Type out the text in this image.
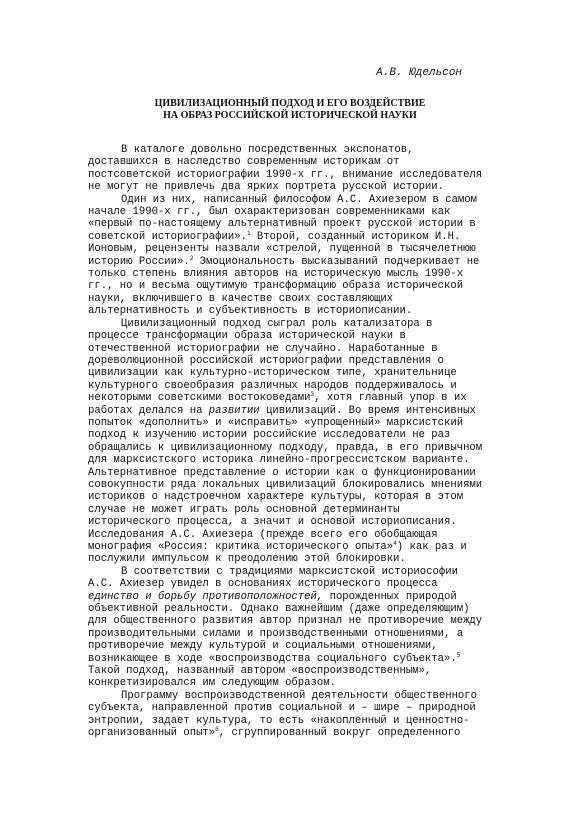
А.В. Юдельсон
ЦИВИЛИЗАЦИОННЫЙ ПОДХОД И ЕГО ВОЗДЕЙСТВИЕ
НА ОБРАЗ РОССИЙСКОЙ ИСТОРИЧЕСКОЙ НАУКИ

В каталоге довольно посредственных экспонатов,
доставшихся в наследство современным историкам от
постсоветской историографии 1990-х гг., внимание исследователя
не могут не привлечь два ярких портрета русской истории.

Один из них, написанный философом А.С. Ахиезером в самом
начале 1990-х гг., был охарактеризован современниками как
«первый по-настоящему альтернативный проект русской истории в
советской историографии».$^1$ Второй, созданный историком И.Н.
Ионовым, рецензенты назвали «стрелой, пущенной в тысячелетнюю
историю России».$^2$ Эмоциональность высказываний подчеркивает не
только степень влияния авторов на историческую мысль 1990-х
гг., но и весьма ощутимую трансформацию образа исторической
науки, включившего в качестве своих составляющих
альтернативность и субъективность в историописании.

Цивилизационный подход сыграл роль катализатора в
процессе трансформации образа исторической науки в
отечественной историографии не случайно. Наработанные в
дореволюционной российской историографии представления о
цивилизации как культурно-историческом типе, хранительнице
культурного своеобразия различных народов поддерживалось и
некоторыми советскими востоковедами$^3$, хотя главный упор в их
работах делался на развитии цивилизаций. Во время интенсивных
попыток «дополнить» и «исправить» «упрощенный» марксистский
подход к изучению истории российские исследователи не раз
обращались к цивилизационному подходу, правда, в его привычном
для марксистского историка линейно-прогрессистском варианте.
Альтернативное представление о истории как о функционировании
совокупности ряда локальных цивилизаций блокировались мнениями
историков о надстроечном характере культуры, которая в этом
случае не может играть роль основной детерминанты
исторического процесса, а значит и основой историописания.
Исследования А.С. Ахиезера (прежде всего его обобщающая
монография «Россия: критика исторического опыта»$^4$) как раз и
послужили импульсом к преодолению этой блокировки.

В соответствии с традициями марксистской историософии
А.С. Ахиезер увидел в основаниях исторического процесса
единство и борьбу противоположностей, порожденных природой
объективной реальности. Однако важнейшим (даже определяющим)
для общественного развития автор признал не противоречие между
производительными силами и производственными отношениями, а
противоречие между культурой и социальными отношениями,
возникающее в ходе «воспроизводства социального субъекта».$^5$
Такой подход, названный автором «воспроизводственным»,
конкретизировался им следующим образом.

Программу воспроизводственной деятельности общественного
субъекта, направленной против социальной и – шире – природной
энтропии, задает культура, то есть «накопленный и ценностно-
организованный опыт»$^6$, сгруппированный вокруг определенного
